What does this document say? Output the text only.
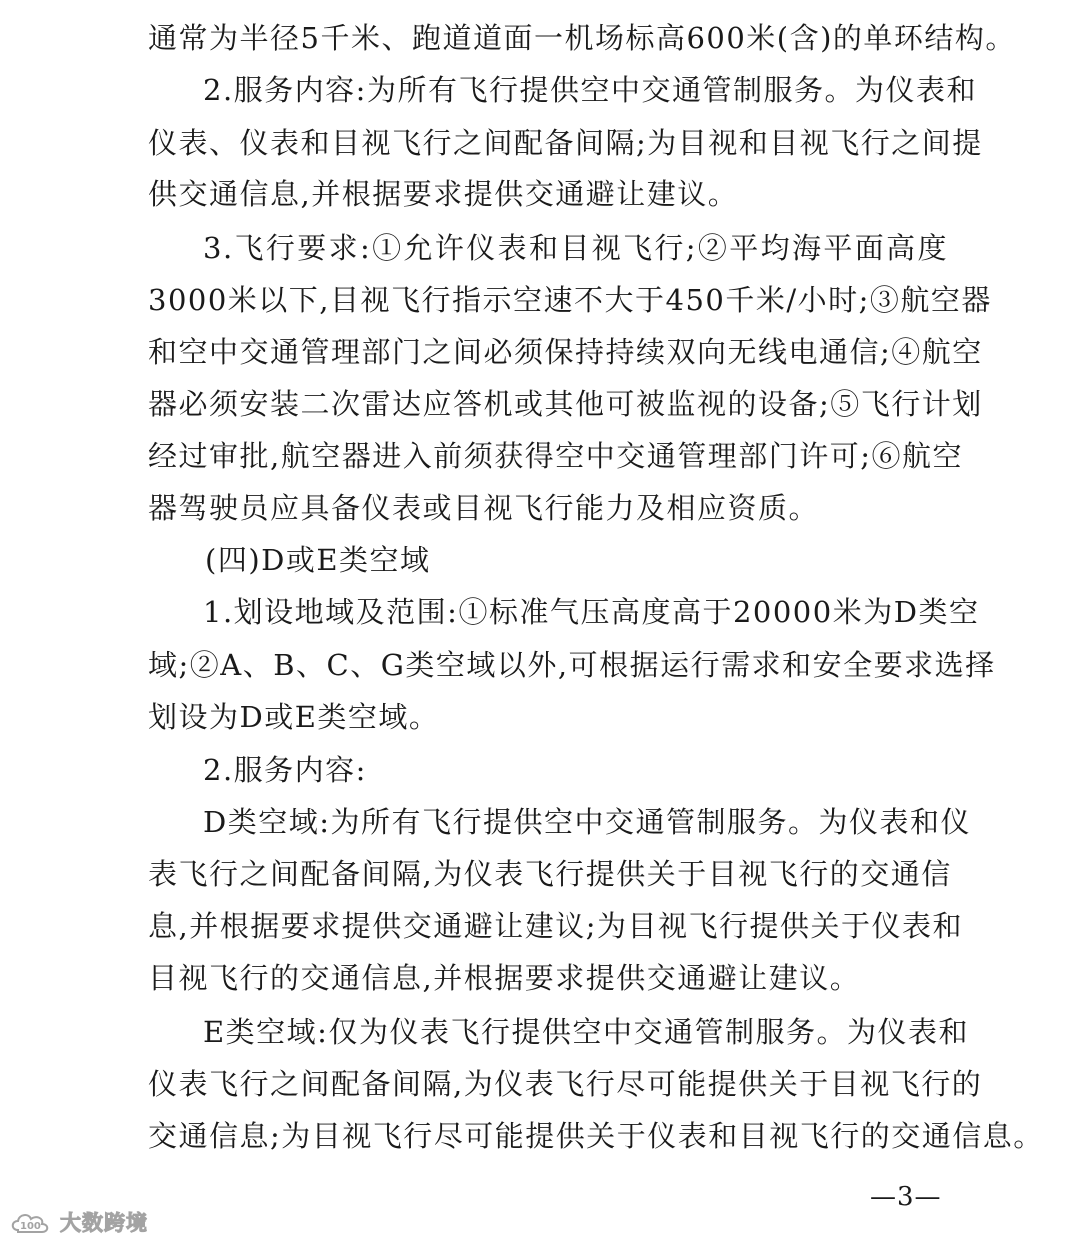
通常为半径5千米、跑道道面一机场标高600米(含)的单环结构。
2.服务内容:为所有飞行提供空中交通管制服务。为仪表和
仪表、仪表和目视飞行之间配备间隔;为目视和目视飞行之间提
供交通信息,并根据要求提供交通避让建议。
3.飞行要求:①允许仪表和目视飞行;②平均海平面高度
3000米以下,目视飞行指示空速不大于450千米/小时;③航空器
和空中交通管理部门之间必须保持持续双向无线电通信;④航空
器必须安装二次雷达应答机或其他可被监视的设备;⑤飞行计划
经过审批,航空器进入前须获得空中交通管理部门许可;⑥航空
器驾驶员应具备仪表或目视飞行能力及相应资质。
(四)D或E类空域
1.划设地域及范围:①标准气压高度高于20000米为D类空
域;②A、B、C、G类空域以外,可根据运行需求和安全要求选择
划设为D或E类空域。
2.服务内容:
D类空域:为所有飞行提供空中交通管制服务。为仪表和仪
表飞行之间配备间隔,为仪表飞行提供关于目视飞行的交通信
息,并根据要求提供交通避让建议;为目视飞行提供关于仪表和
目视飞行的交通信息,并根据要求提供交通避让建议。
E类空域:仅为仪表飞行提供空中交通管制服务。为仪表和
仪表飞行之间配备间隔,为仪表飞行尽可能提供关于目视飞行的
交通信息;为目视飞行尽可能提供关于仪表和目视飞行的交通信息。
—3—
100 大数跨境
